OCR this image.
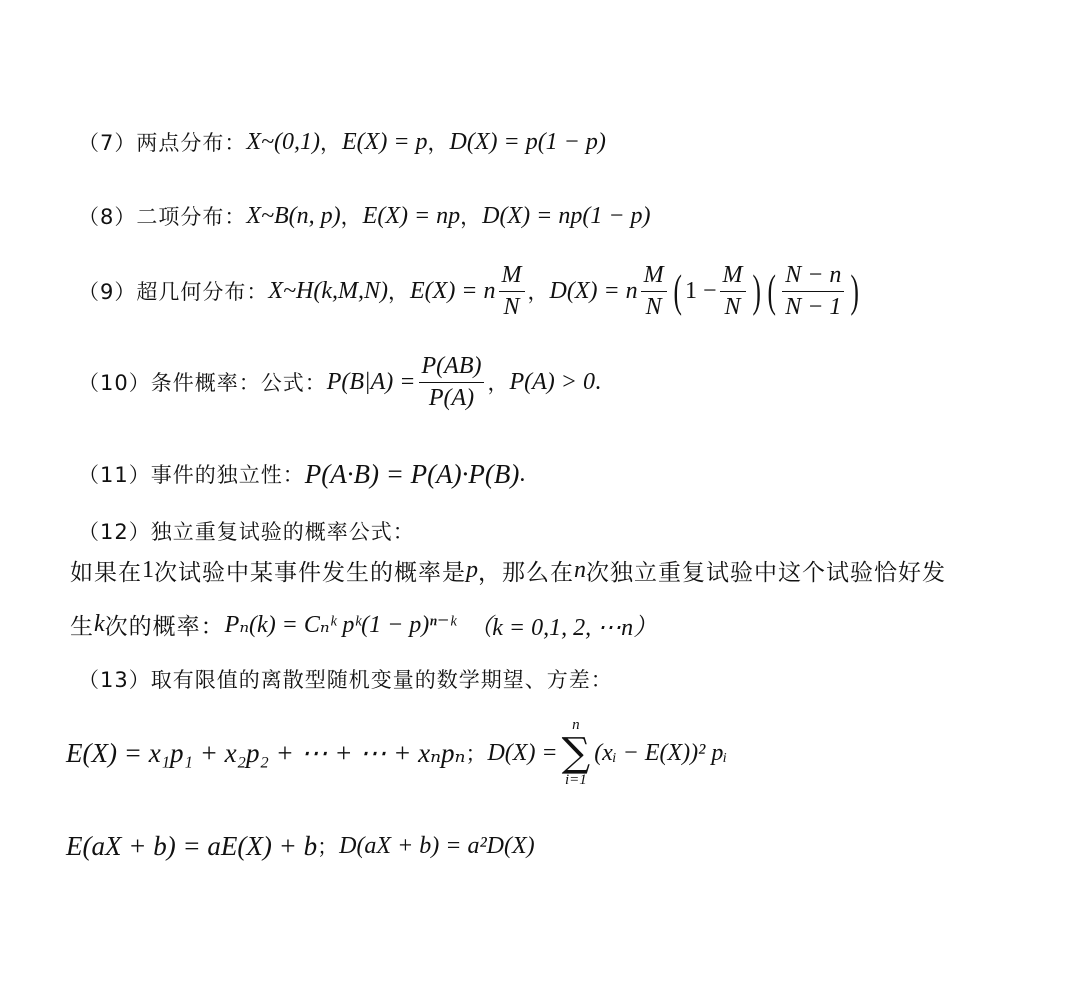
（7）两点分布： X~(0,1) ， E(X) = p ， D(X) = p(1 − p)
（8）二项分布： X~B(n, p) ， E(X) = np ， D(X) = np(1 − p)
（9）超几何分布： X~H(k,M,N) ， E(X) = n $\frac{M}{N}$ ， D(X) = n $\frac{M}{N}$ ( $1 - \frac{M}{N}$ ) ( $\frac{N - n}{N - 1}$ )
（10）条件概率：公式： $P(B|A) = \frac{P(AB)}{P(A)}$ ， P(A) > 0 .
（11）事件的独立性： P(A·B) = P(A)·P(B) .
（12）独立重复试验的概率公式：
如果在 1 次试验中某事件发生的概率是 p ，那么在 n 次独立重复试验中这个试验恰好发
生 k 次的概率： Pₙ(k) = Cₙᵏ pᵏ(1 − p)ⁿ⁻ᵏ （k = 0,1, 2, ⋯n）
（13）取有限值的离散型随机变量的数学期望、方差：
E(X) = x₁p₁ + x₂p₂ + ⋯ + ⋯ + xₙpₙ ； D(X) =
n
∑
i=1
(xᵢ − E(X))² pᵢ
E(aX + b) = aE(X) + b ； D(aX + b) = a²D(X)
